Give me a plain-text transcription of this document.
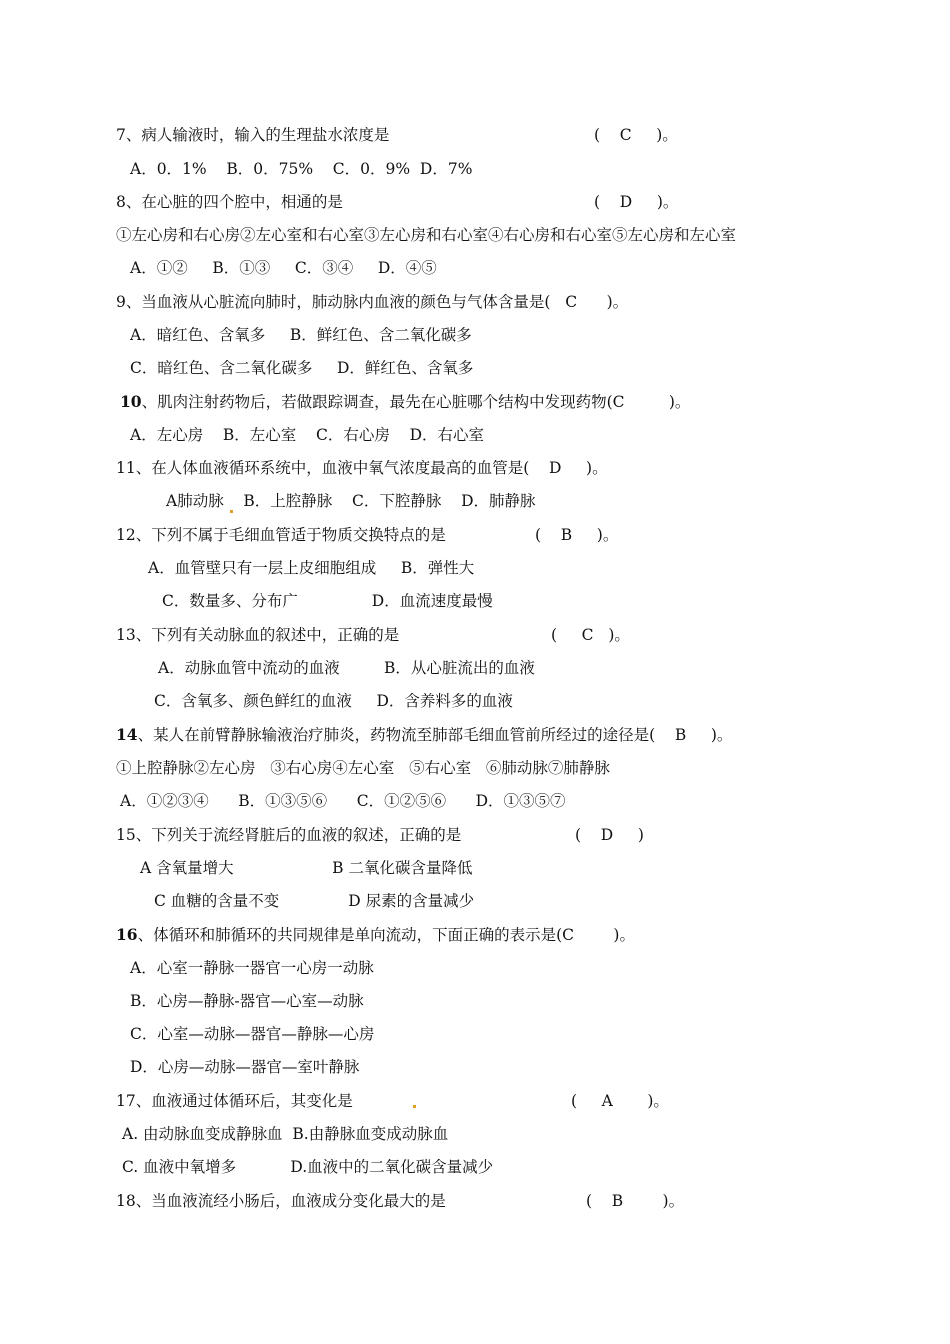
7、病人输液时，输入的生理盐水浓度是	(    C     )。
A．0．1%    B．0．75%    C．0．9%  D．7%
8、在心脏的四个腔中，相通的是	(    D     )。
①左心房和右心房②左心室和右心室③左心房和右心室④右心房和右心室⑤左心房和左心室
A．①②     B．①③     C．③④     D．④⑤
9、当血液从心脏流向肺时，肺动脉内血液的颜色与气体含量是(   C      )。
A．暗红色、含氧多     B．鲜红色、含二氧化碳多
C．暗红色、含二氧化碳多     D．鲜红色、含氧多
10、肌肉注射药物后，若做跟踪调查，最先在心脏哪个结构中发现药物(C         )。
A．左心房    B．左心室    C．右心房    D．右心室
11、在人体血液循环系统中，血液中氧气浓度最高的血管是(    D     )。
A肺动脉    B．上腔静脉    C．下腔静脉    D．肺静脉
12、下列不属于毛细血管适于物质交换特点的是	(    B     )。
A．血管壁只有一层上皮细胞组成     B．弹性大
C．数量多、分布广               D．血流速度最慢
13、下列有关动脉血的叙述中，正确的是	(     C   )。
A．动脉血管中流动的血液         B．从心脏流出的血液
C．含氧多、颜色鲜红的血液     D．含养料多的血液
14、某人在前臂静脉输液治疗肺炎，药物流至肺部毛细血管前所经过的途径是(    B     )。
①上腔静脉②左心房   ③右心房④左心室   ⑤右心室   ⑥肺动脉⑦肺静脉
A．①②③④      B．①③⑤⑥      C．①②⑤⑥      D．①③⑤⑦
15、下列关于流经肾脏后的血液的叙述，正确的是	(    D     )
A 含氧量增大                    B 二氧化碳含量降低
C 血糖的含量不变              D 尿素的含量减少
16、体循环和肺循环的共同规律是单向流动，下面正确的表示是(C        )。
A．心室一静脉一器官一心房一动脉
B．心房—静脉-器官—心室—动脉
C．心室—动脉—器官—静脉—心房
D．心房—动脉—器官—室叶静脉
17、血液通过体循环后，其变化是	(     A       )。
A. 由动脉血变成静脉血  B.由静脉血变成动脉血
C. 血液中氧增多           D.血液中的二氧化碳含量减少
18、当血液流经小肠后，血液成分变化最大的是	(    B        )。
